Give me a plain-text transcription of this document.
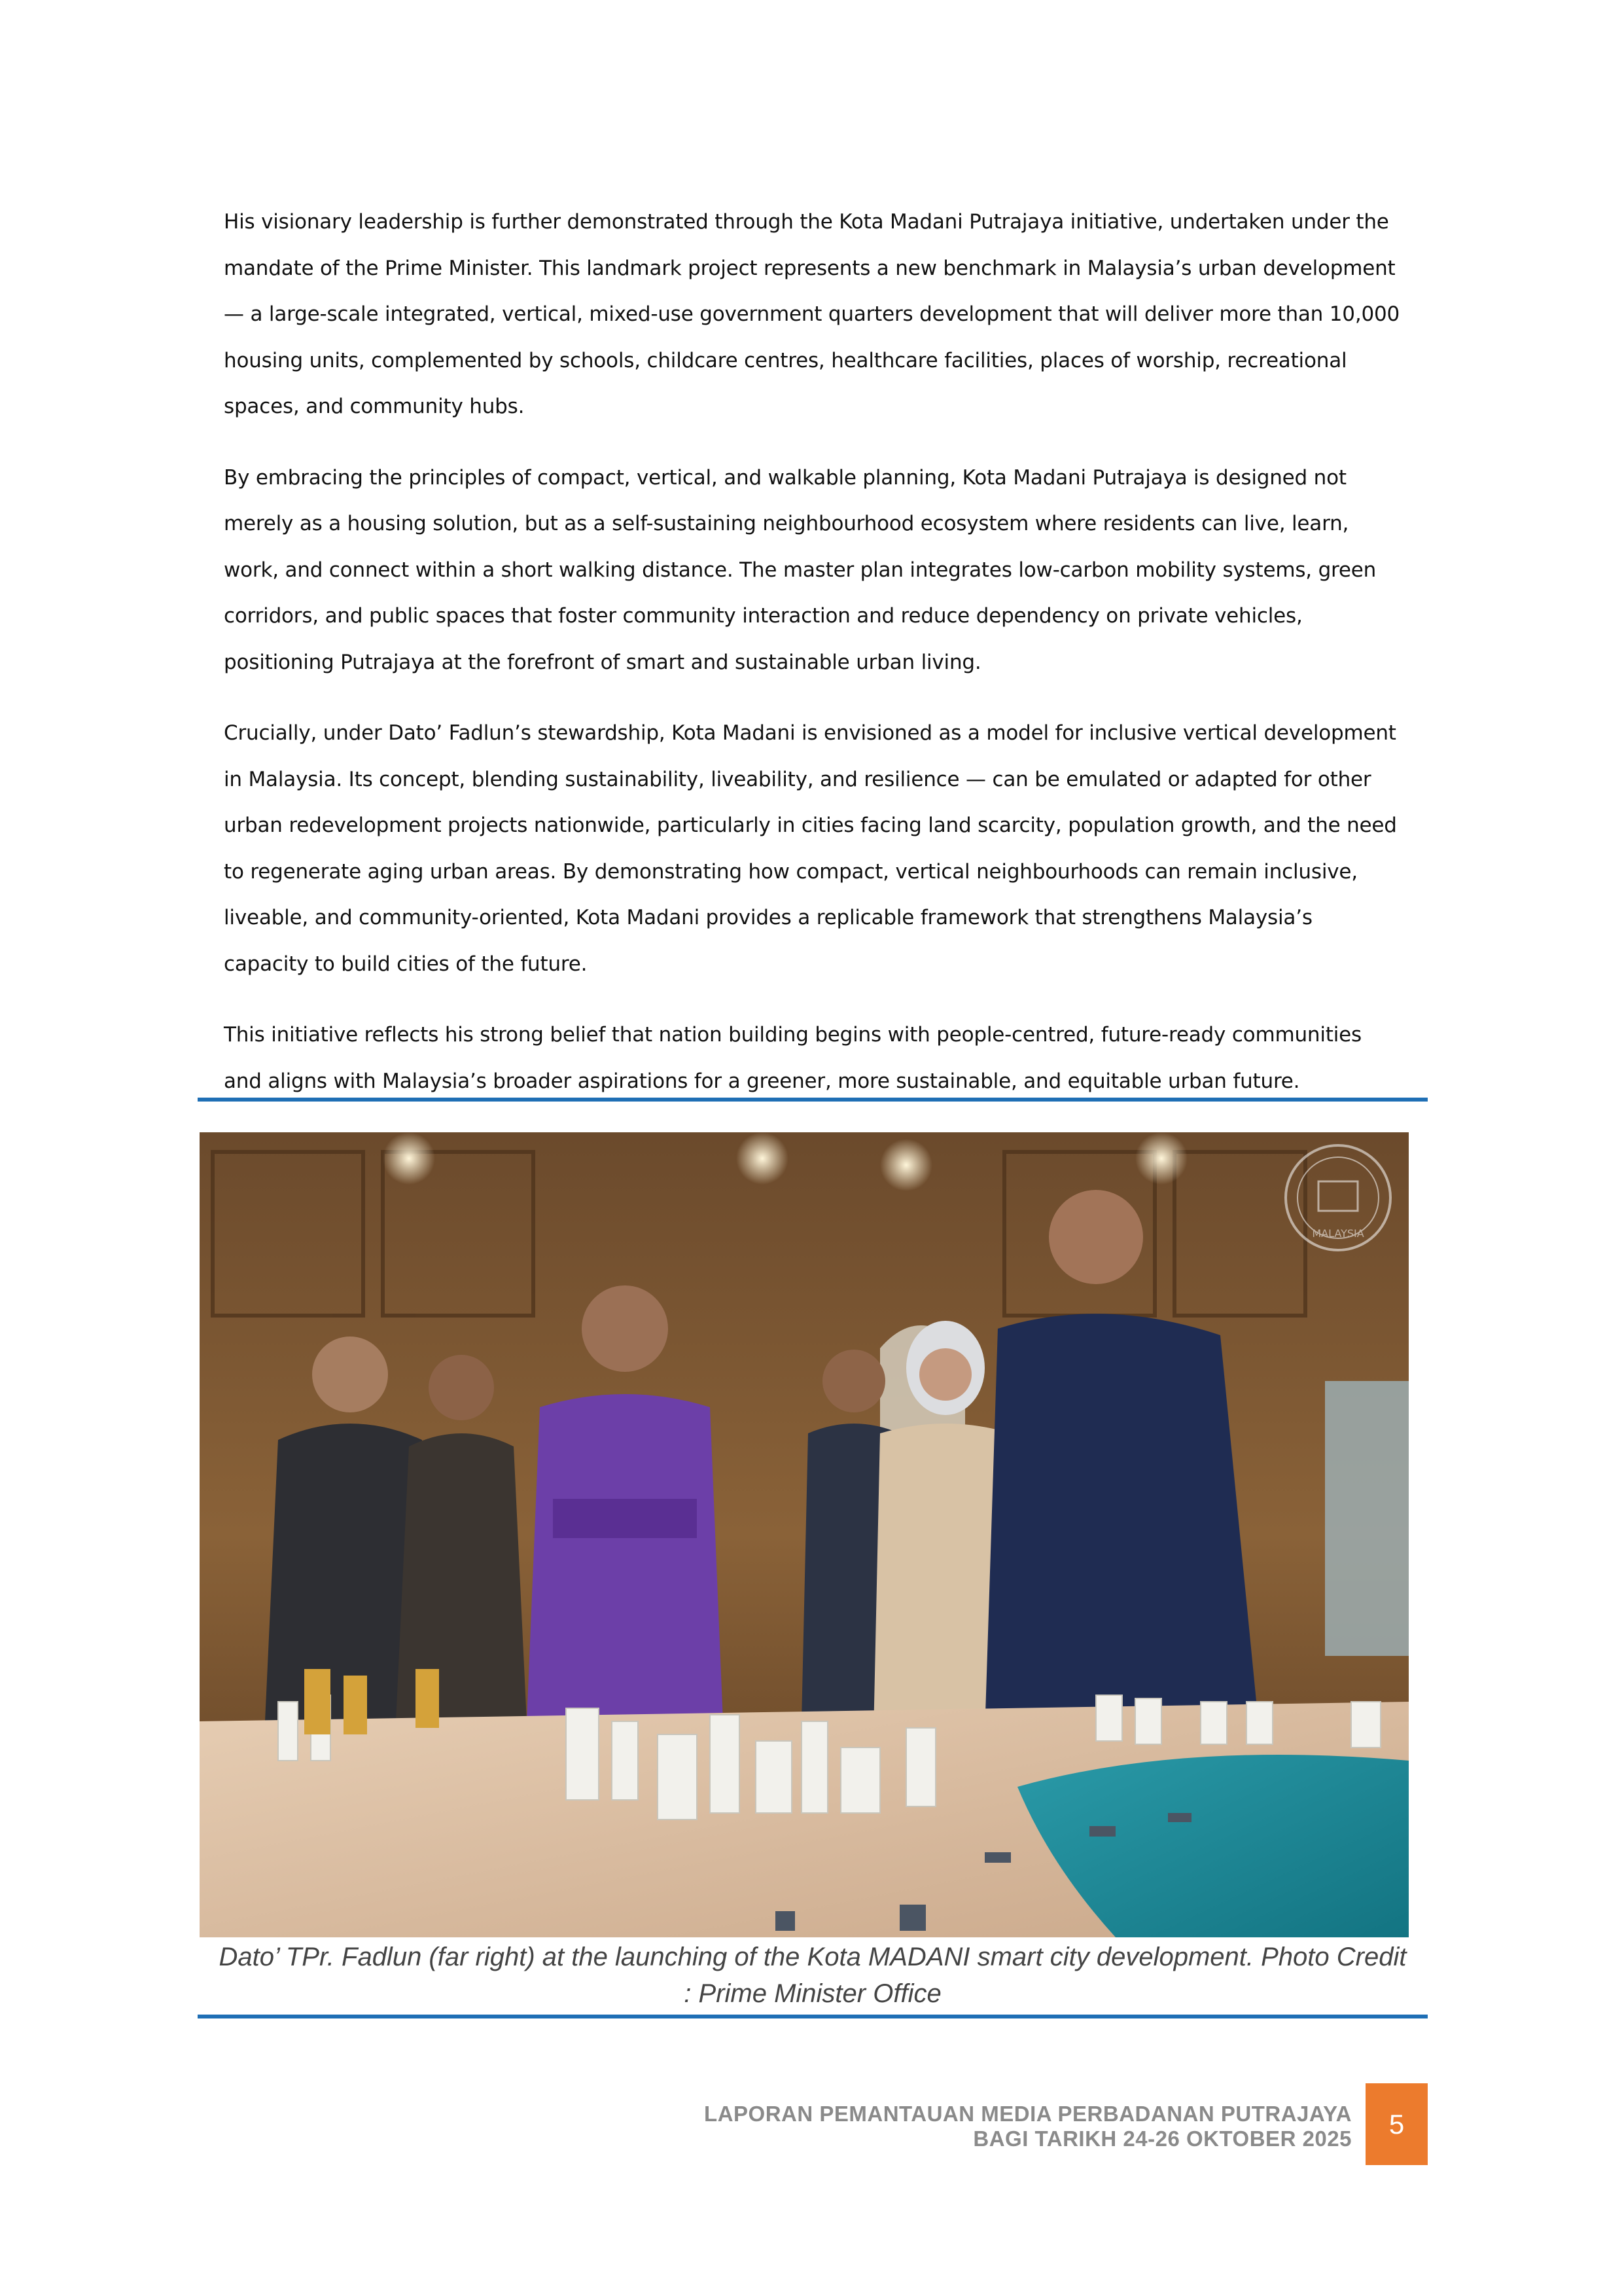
His visionary leadership is further demonstrated through the Kota Madani Putrajaya initiative, undertaken under the mandate of the Prime Minister. This landmark project represents a new benchmark in Malaysia’s urban development — a large-scale integrated, vertical, mixed-use government quarters development that will deliver more than 10,000 housing units, complemented by schools, childcare centres, healthcare facilities, places of worship, recreational spaces, and community hubs.

By embracing the principles of compact, vertical, and walkable planning, Kota Madani Putrajaya is designed not merely as a housing solution, but as a self-sustaining neighbourhood ecosystem where residents can live, learn, work, and connect within a short walking distance. The master plan integrates low-carbon mobility systems, green corridors, and public spaces that foster community interaction and reduce dependency on private vehicles, positioning Putrajaya at the forefront of smart and sustainable urban living.

Crucially, under Dato’ Fadlun’s stewardship, Kota Madani is envisioned as a model for inclusive vertical development in Malaysia. Its concept, blending sustainability, liveability, and resilience — can be emulated or adapted for other urban redevelopment projects nationwide, particularly in cities facing land scarcity, population growth, and the need to regenerate aging urban areas. By demonstrating how compact, vertical neighbourhoods can remain inclusive, liveable, and community-oriented, Kota Madani provides a replicable framework that strengthens Malaysia’s capacity to build cities of the future.

This initiative reflects his strong belief that nation building begins with people-centred, future-ready communities and aligns with Malaysia’s broader aspirations for a greener, more sustainable, and equitable urban future.

MALAYSIA
Dato’ TPr. Fadlun (far right) at the launching of the Kota MADANI smart city development. Photo Credit
: Prime Minister Office
LAPORAN PEMANTAUAN MEDIA PERBADANAN PUTRAJAYA
BAGI TARIKH 24-26 OKTOBER 2025	5
